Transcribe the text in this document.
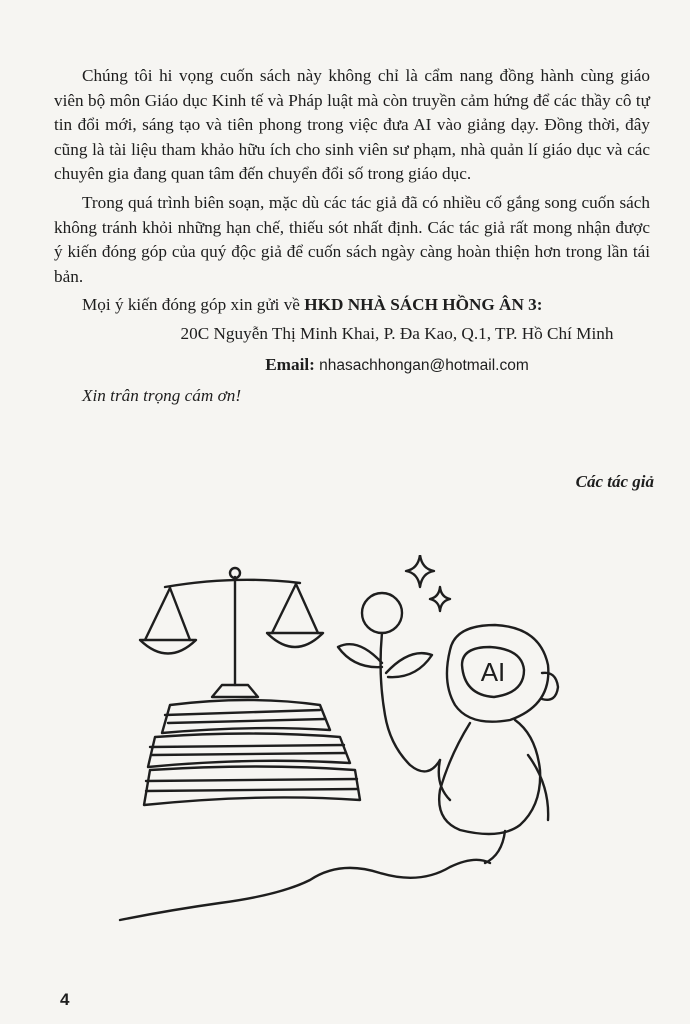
Chúng tôi hi vọng cuốn sách này không chỉ là cẩm nang đồng hành cùng giáo viên bộ môn Giáo dục Kinh tế và Pháp luật mà còn truyền cảm hứng để các thầy cô tự tin đổi mới, sáng tạo và tiên phong trong việc đưa AI vào giảng dạy. Đồng thời, đây cũng là tài liệu tham khảo hữu ích cho sinh viên sư phạm, nhà quản lí giáo dục và các chuyên gia đang quan tâm đến chuyển đổi số trong giáo dục.

Trong quá trình biên soạn, mặc dù các tác giả đã có nhiều cố gắng song cuốn sách không tránh khỏi những hạn chế, thiếu sót nhất định. Các tác giả rất mong nhận được ý kiến đóng góp của quý độc giả để cuốn sách ngày càng hoàn thiện hơn trong lần tái bản.

Mọi ý kiến đóng góp xin gửi về HKD NHÀ SÁCH HỒNG ÂN 3:

20C Nguyễn Thị Minh Khai, P. Đa Kao, Q.1, TP. Hồ Chí Minh

Email: nhasachhongan@hotmail.com

Xin trân trọng cám ơn!

Các tác giả
AI
4
